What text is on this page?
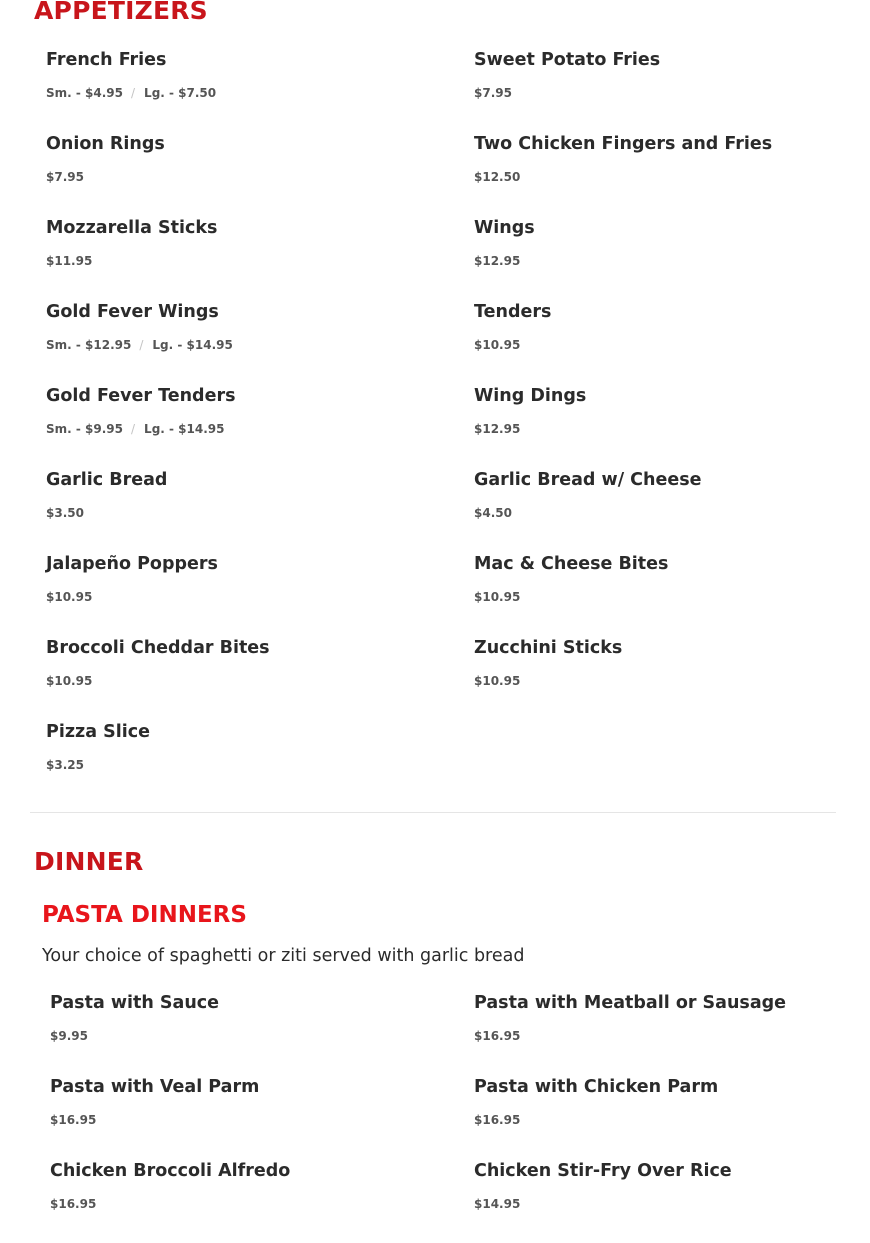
APPETIZERS
French Fries
Sm. - $4.95 / Lg. - $7.50
Sweet Potato Fries
$7.95
Onion Rings
$7.95
Two Chicken Fingers and Fries
$12.50
Mozzarella Sticks
$11.95
Wings
$12.95
Gold Fever Wings
Sm. - $12.95 / Lg. - $14.95
Tenders
$10.95
Gold Fever Tenders
Sm. - $9.95 / Lg. - $14.95
Wing Dings
$12.95
Garlic Bread
$3.50
Garlic Bread w/ Cheese
$4.50
Jalapeño Poppers
$10.95
Mac & Cheese Bites
$10.95
Broccoli Cheddar Bites
$10.95
Zucchini Sticks
$10.95
Pizza Slice
$3.25
DINNER
PASTA DINNERS

Your choice of spaghetti or ziti served with garlic bread

Pasta with Sauce
$9.95
Pasta with Meatball or Sausage
$16.95
Pasta with Veal Parm
$16.95
Pasta with Chicken Parm
$16.95
Chicken Broccoli Alfredo
$16.95
Chicken Stir-Fry Over Rice
$14.95
